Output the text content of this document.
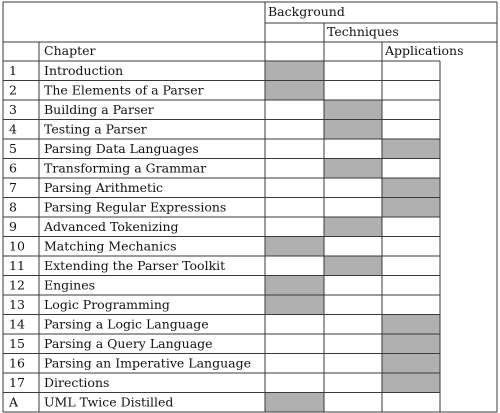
Background
Techniques
Applications
Chapter
1 Introduction
2 The Elements of a Parser
3 Building a Parser
4 Testing a Parser
5 Parsing Data Languages
6 Transforming a Grammar
7 Parsing Arithmetic
8 Parsing Regular Expressions
9 Advanced Tokenizing
10 Matching Mechanics
11 Extending the Parser Toolkit
12 Engines
13 Logic Programming
14 Parsing a Logic Language
15 Parsing a Query Language
16 Parsing an Imperative Language
17 Directions
A UML Twice Distilled
